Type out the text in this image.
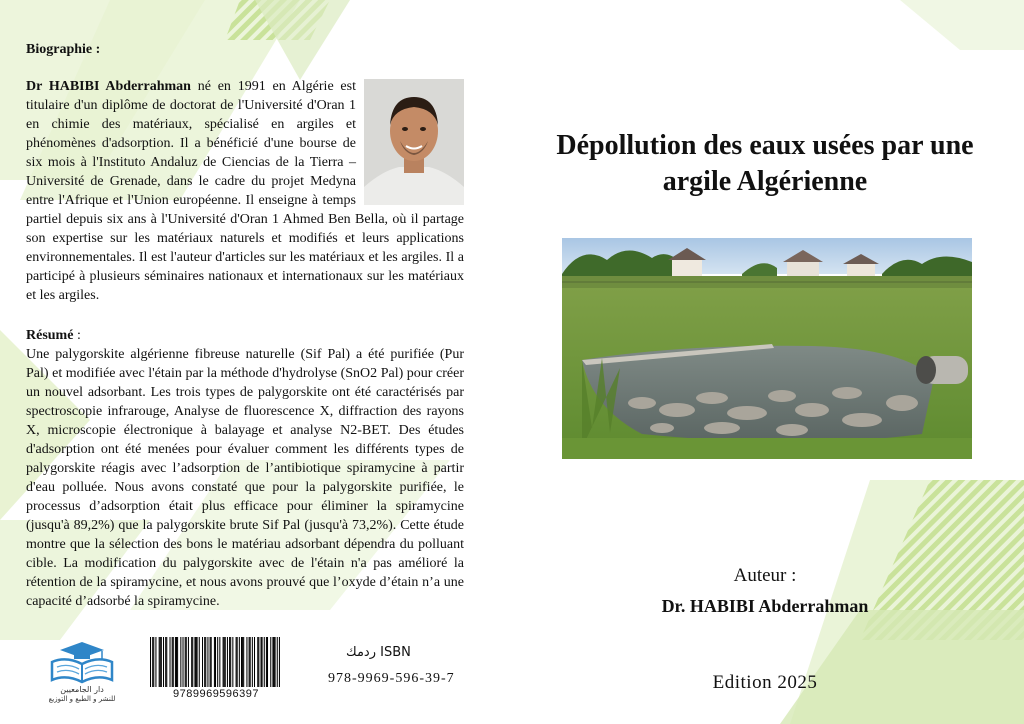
Biographie :

Dr HABIBI Abderrahman né en 1991 en Algérie est titulaire d'un diplôme de doctorat de l'Université d'Oran 1 en chimie des matériaux, spécialisé en argiles et phénomènes d'adsorption. Il a bénéficié d'une bourse de six mois à l'Instituto Andaluz de Ciencias de la Tierra – Université de Grenade, dans le cadre du projet Medyna entre l'Afrique et l'Union européenne. Il enseigne à temps partiel depuis six ans à l'Université d'Oran 1 Ahmed Ben Bella, où il partage son expertise sur les matériaux naturels et modifiés et leurs applications environnementales. Il est l'auteur d'articles sur les matériaux et les argiles. Il a participé à plusieurs séminaires nationaux et internationaux sur les matériaux et les argiles.

Résumé :

Une palygorskite algérienne fibreuse naturelle (Sif Pal) a été purifiée (Pur Pal) et modifiée avec l'étain par la méthode d'hydrolyse (SnO2 Pal) pour créer un nouvel adsorbant. Les trois types de palygorskite ont été caractérisés par spectroscopie infrarouge, Analyse de fluorescence X, diffraction des rayons X, microscopie électronique à balayage et analyse N2-BET. Des études d'adsorption ont été menées pour évaluer comment les différents types de palygorskite réagis avec l’adsorption de l’antibiotique spiramycine à partir d'eau polluée. Nous avons constaté que pour la palygorskite purifiée, le processus d’adsorption était plus efficace pour éliminer la spiramycine (jusqu'à 89,2%) que la palygorskite brute Sif Pal (jusqu'à 73,2%). Cette étude montre que la sélection des bons le matériau adsorbant dépendra du polluant cible. La modification du palygorskite avec de l'étain n'a pas amélioré la rétention de la spiramycine, et nous avons prouvé que l’oxyde d’étain n’a une capacité d’adsorbé la spiramycine.

دار الجامعيين
للنشر و الطبع و التوزيع	9789969596397
ردمك ISBN
978-9969-596-39-7
Dépollution des eaux usées par une argile Algérienne
Auteur :
Dr. HABIBI Abderrahman
Edition 2025
